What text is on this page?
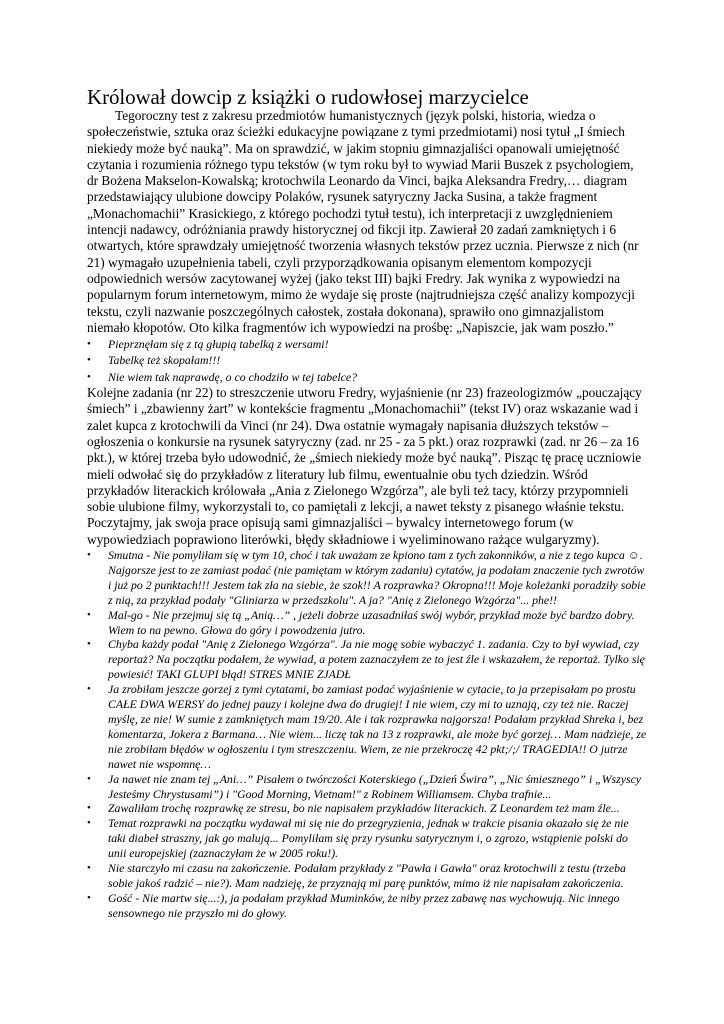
Królował dowcip z książki o rudowłosej marzycielce

Tegoroczny test z zakresu przedmiotów humanistycznych (język polski, historia, wiedza o społeczeństwie, sztuka oraz ścieżki edukacyjne powiązane z tymi przedmiotami) nosi tytuł „I śmiech niekiedy może być nauką”. Ma on sprawdzić, w jakim stopniu gimnazjaliści opanowali umiejętność czytania i rozumienia różnego typu tekstów (w tym roku był to wywiad Marii Buszek z psychologiem, dr Bożena Makselon-Kowalską; krotochwila Leonardo da Vinci, bajka Aleksandra Fredry,… diagram przedstawiający ulubione dowcipy Polaków, rysunek satyryczny Jacka Susina, a także fragment „Monachomachii” Krasickiego, z którego pochodzi tytuł testu), ich interpretacji z uwzględnieniem intencji nadawcy, odróżniania prawdy historycznej od fikcji itp. Zawierał 20 zadań zamkniętych i 6 otwartych, które sprawdzały umiejętność tworzenia własnych tekstów przez ucznia. Pierwsze z nich (nr 21) wymagało uzupełnienia tabeli, czyli przyporządkowania opisanym elementom kompozycji odpowiednich wersów zacytowanej wyżej (jako tekst III) bajki Fredry. Jak wynika z wypowiedzi na popularnym forum internetowym, mimo że wydaje się proste (najtrudniejsza część analizy kompozycji tekstu, czyli nazwanie poszczególnych całostek, została dokonana), sprawiło ono gimnazjalistom niemało kłopotów. Oto kilka fragmentów ich wypowiedzi na prośbę: „Napiszcie, jak wam poszło.”

• Pieprznęłam się z tą głupią tabelką z wersami!
• Tabelkę też skopałam!!!
• Nie wiem tak naprawdę, o co chodziło w tej tabelce?

Kolejne zadania (nr 22) to streszczenie utworu Fredry, wyjaśnienie (nr 23) frazeologizmów „pouczający śmiech” i „zbawienny żart” w kontekście fragmentu „Monachomachii” (tekst IV) oraz wskazanie wad i zalet kupca z krotochwili da Vinci (nr 24). Dwa ostatnie wymagały napisania dłuższych tekstów – ogłoszenia o konkursie na rysunek satyryczny (zad. nr 25 - za 5 pkt.) oraz rozprawki (zad. nr 26 – za 16 pkt.), w której trzeba było udowodnić, że „śmiech niekiedy może być nauką”. Pisząc tę pracę uczniowie mieli odwołać się do przykładów z literatury lub filmu, ewentualnie obu tych dziedzin. Wśród przykładów literackich królowała „Ania z Zielonego Wzgórza”, ale byli też tacy, którzy przypomnieli sobie ulubione filmy, wykorzystali to, co pamiętali z lekcji, a nawet teksty z pisanego właśnie tekstu. Poczytajmy, jak swoja prace opisują sami gimnazjaliści – bywalcy internetowego forum (w wypowiedziach poprawiono literówki, błędy składniowe i wyeliminowano rażące wulgaryzmy).

• Smutna - Nie pomyliłam się w tym 10, choć i tak uważam ze kpiono tam z tych zakonników, a nie z tego kupca ☺. Najgorsze jest to ze zamiast podać (nie pamiętam w którym zadaniu) cytatów, ja podałam znaczenie tych zwrotów i już po 2 punktach!!! Jestem tak zła na siebie, że szok!! A rozprawka? Okropna!!! Moje koleżanki poradziły sobie z nią, za przykład podały "Gliniarza w przedszkolu". A ja? "Anię z Zielonego Wzgórza"... phe!!
• Mal-go - Nie przejmuj się tą „Anią…” , jeżeli dobrze uzasadniłaś swój wybór, przykład może być bardzo dobry. Wiem to na pewno. Głowa do góry i powodzenia jutro.
• Chyba każdy podał "Anię z Zielonego Wzgórza". Ja nie mogę sobie wybaczyć 1. zadania. Czy to był wywiad, czy reportaż? Na początku podałem, że wywiad, a potem zaznaczyłem ze to jest źle i wskazałem, że reportaż. Tylko się powiesić! TAKI GLUPI błąd! STRES MNIE ZJADŁ
• Ja zrobiłam jeszcze gorzej z tymi cytatami, bo zamiast podać wyjaśnienie w cytacie, to ja przepisałam po prostu CAŁE DWA WERSY do jednej pauzy i kolejne dwa do drugiej! I nie wiem, czy mi to uznają, czy też nie. Raczej myślę, ze nie! W sumie z zamkniętych mam 19/20. Ale i tak rozprawka najgorsza! Podałam przykład Shreka i, bez komentarza, Jokera z Barmana… Nie wiem... liczę tak na 13 z rozprawki, ale może być gorzej… Mam nadzieje, ze nie zrobiłam błędów w ogłoszeniu i tym streszczeniu. Wiem, ze nie przekroczę 42 pkt;/;/ TRAGEDIA!! O jutrze nawet nie wspomnę…
• Ja nawet nie znam tej „Ani…” Pisałem o twórczości Koterskiego („Dzień Świra”, „Nic śmiesznego” i „Wszyscy Jesteśmy Chrystusami”) i "Good Morning, Vietnam!" z Robinem Williamsem. Chyba trafnie...
• Zawaliłam trochę rozprawkę ze stresu, bo nie napisałem przykładów literackich. Z Leonardem też mam źle...
• Temat rozprawki na początku wydawał mi się nie do przegryzienia, jednak w trakcie pisania okazało się że nie taki diabeł straszny, jak go malują... Pomyliłam się przy rysunku satyrycznym i, o zgrozo, wstąpienie polski do unii europejskiej (zaznaczyłam że w 2005 roku!).
• Nie starczyło mi czasu na zakończenie. Podałam przykłady z "Pawła i Gawła" oraz krotochwili z testu (trzeba sobie jakoś radzić – nie?). Mam nadzieję, że przyznają mi parę punktów, mimo iż nie napisałam zakończenia.
• Gość - Nie martw się...:), ja podałam przykład Muminków, że niby przez zabawę nas wychowują. Nic innego sensownego nie przyszło mi do głowy.
